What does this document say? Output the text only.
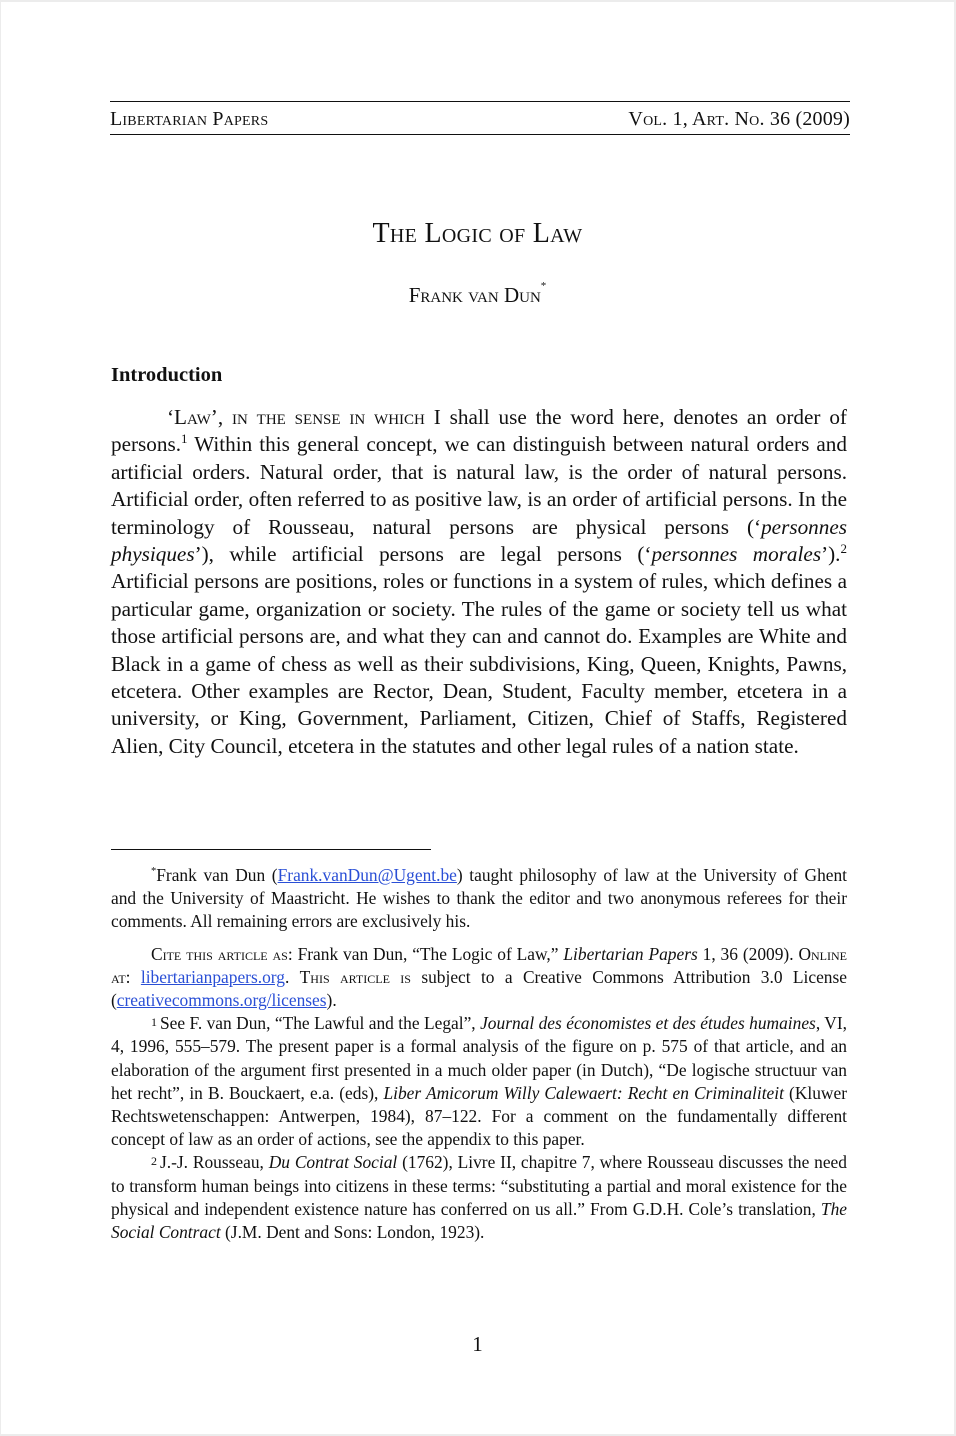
Libertarian Papers	Vol. 1, Art. No. 36 (2009)
The Logic of Law
Frank van Dun*
Introduction

‘Law’, in the sense in which I shall use the word here, denotes an order of persons.$^1$ Within this general concept, we can distinguish between natural orders and artificial orders. Natural order, that is natural law, is the order of natural persons. Artificial order, often referred to as positive law, is an order of artificial persons. In the terminology of Rousseau, natural persons are physical persons (‘personnes physiques’), while artificial persons are legal persons (‘personnes morales’).$^2$ Artificial persons are positions, roles or functions in a system of rules, which defines a particular game, organization or society. The rules of the game or society tell us what those artificial persons are, and what they can and cannot do. Examples are White and Black in a game of chess as well as their subdivisions, King, Queen, Knights, Pawns, etcetera. Other examples are Rector, Dean, Student, Faculty member, etcetera in a university, or King, Government, Parliament, Citizen, Chief of Staffs, Registered Alien, City Council, etcetera in the statutes and other legal rules of a nation state.

*Frank van Dun (Frank.vanDun@Ugent.be) taught philosophy of law at the University of Ghent and the University of Maastricht. He wishes to thank the editor and two anonymous referees for their comments. All remaining errors are exclusively his.

Cite this article as: Frank van Dun, “The Logic of Law,” Libertarian Papers 1, 36 (2009). Online at: libertarianpapers.org. This article is subject to a Creative Commons Attribution 3.0 License (creativecommons.org/licenses).

1 See F. van Dun, “The Lawful and the Legal”, Journal des économistes et des études humaines, VI, 4, 1996, 555–579. The present paper is a formal analysis of the figure on p. 575 of that article, and an elaboration of the argument first presented in a much older paper (in Dutch), “De logische structuur van het recht”, in B. Bouckaert, e.a. (eds), Liber Amicorum Willy Calewaert: Recht en Criminaliteit (Kluwer Rechtswetenschappen: Antwerpen, 1984), 87–122. For a comment on the fundamentally different concept of law as an order of actions, see the appendix to this paper.

2 J.-J. Rousseau, Du Contrat Social (1762), Livre II, chapitre 7, where Rousseau discusses the need to transform human beings into citizens in these terms: “substituting a partial and moral existence for the physical and independent existence nature has conferred on us all.” From G.D.H. Cole’s translation, The Social Contract (J.M. Dent and Sons: London, 1923).

1
